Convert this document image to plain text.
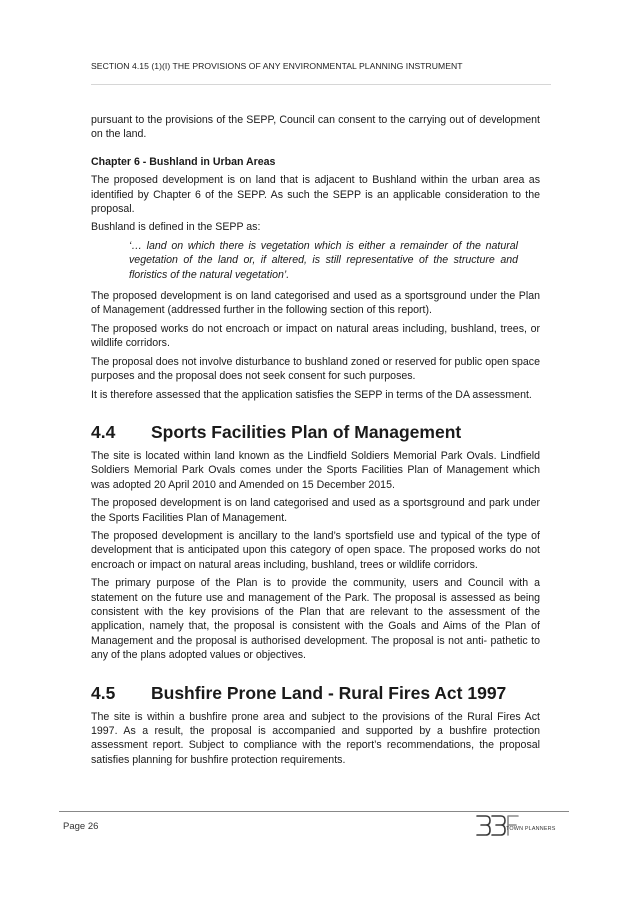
SECTION 4.15 (1)(I) THE PROVISIONS OF ANY ENVIRONMENTAL PLANNING INSTRUMENT

pursuant to the provisions of the SEPP, Council can consent to the carrying out of development on the land.

Chapter 6 - Bushland in Urban Areas

The proposed development is on land that is adjacent to Bushland within the urban area as identified by Chapter 6 of the SEPP. As such the SEPP is an applicable consideration to the proposal.

Bushland is defined in the SEPP as:

‘… land on which there is vegetation which is either a remainder of the natural vegetation of the land or, if altered, is still representative of the structure and floristics of the natural vegetation’.

The proposed development is on land categorised and used as a sportsground under the Plan of Management (addressed further in the following section of this report).

The proposed works do not encroach or impact on natural areas including, bushland, trees, or wildlife corridors.

The proposal does not involve disturbance to bushland zoned or reserved for public open space purposes and the proposal does not seek consent for such purposes.

It is therefore assessed that the application satisfies the SEPP in terms of the DA assessment.

4.4	Sports Facilities Plan of Management

The site is located within land known as the Lindfield Soldiers Memorial Park Ovals. Lindfield Soldiers Memorial Park Ovals comes under the Sports Facilities Plan of Management which was adopted 20 April 2010 and Amended on 15 December 2015.

The proposed development is on land categorised and used as a sportsground and park under the Sports Facilities Plan of Management.

The proposed development is ancillary to the land’s sportsfield use and typical of the type of development that is anticipated upon this category of open space. The proposed works do not encroach or impact on natural areas including, bushland, trees or wildlife corridors.

The primary purpose of the Plan is to provide the community, users and Council with a statement on the future use and management of the Park. The proposal is assessed as being consistent with the key provisions of the Plan that are relevant to the assessment of the application, namely that, the proposal is consistent with the Goals and Aims of the Plan of Management and the proposal is authorised development. The proposal is not anti- pathetic to any of the plans adopted values or objectives.

4.5	Bushfire Prone Land - Rural Fires Act 1997

The site is within a bushfire prone area and subject to the provisions of the Rural Fires Act 1997. As a result, the proposal is accompanied and supported by a bushfire protection assessment report. Subject to compliance with the report’s recommendations, the proposal satisfies planning for bushfire protection requirements.

Page 26	TOWN PLANNERS
